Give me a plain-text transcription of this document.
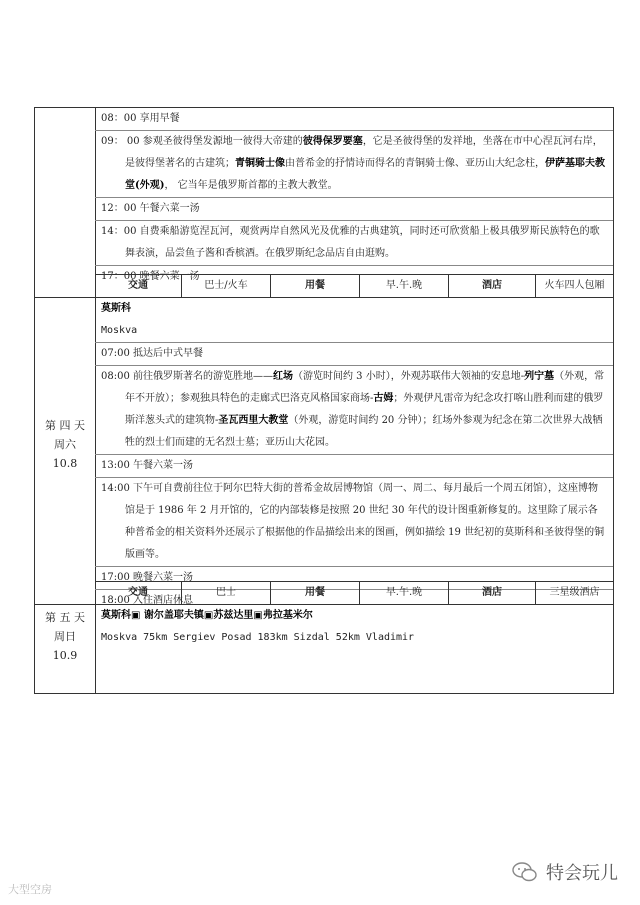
08：00 享用早餐
09： 00 参观圣彼得堡发源地一彼得大帝建的彼得保罗要塞，它是圣彼得堡的发祥地，坐落在市中心涅瓦河右岸，是彼得堡著名的古建筑；青铜骑士像由普希金的抒情诗而得名的青铜骑士像、亚历山大纪念柱，伊萨基耶夫教堂(外观)， 它当年是俄罗斯首都的主教大教堂。
12：00 午餐六菜一汤
14：00 自费乘船游览涅瓦河，观赏两岸自然风光及优雅的古典建筑，同时还可欣赏船上极具俄罗斯民族特色的歌舞表演，品尝鱼子酱和香槟酒。在俄罗斯纪念品店自由逛购。
17：00 晚餐六菜一汤
交通	巴士/火车	用餐	早.午.晚	酒店	火车四人包厢
第 四 天
周六
10.8
莫斯科
Moskva
07:00 抵达后中式早餐
08:00 前往俄罗斯著名的游览胜地——红场（游览时间约 3 小时），外观苏联伟大领袖的安息地-列宁墓（外观，常年不开放）；参观独具特色的走廊式巴洛克风格国家商场-古姆；外观伊凡雷帝为纪念攻打喀山胜利而建的俄罗斯洋葱头式的建筑物-圣瓦西里大教堂（外观，游览时间约 20 分钟）；红场外参观为纪念在第二次世界大战牺牲的烈士们而建的无名烈士墓；亚历山大花园。
13:00 午餐六菜一汤
14:00 下午可自费前往位于阿尔巴特大街的普希金故居博物馆（周一、周二、每月最后一个周五闭馆），这座博物馆是于 1986 年 2 月开馆的，它的内部装修是按照 20 世纪 30 年代的设计图重新修复的。这里除了展示各种普希金的相关资料外还展示了根据他的作品描绘出来的图画，例如描绘 19 世纪初的莫斯科和圣彼得堡的铜版画等。
17:00 晚餐六菜一汤
18:00 入住酒店休息
交通	巴士	用餐	早.午.晚	酒店	三星级酒店
第 五 天
周日
10.9
莫斯科▣ 谢尔盖耶夫镇▣苏兹达里▣弗拉基米尔
Moskva 75km Sergiev Posad 183km Sizdal 52km Vladimir
大型空房
特会玩儿
